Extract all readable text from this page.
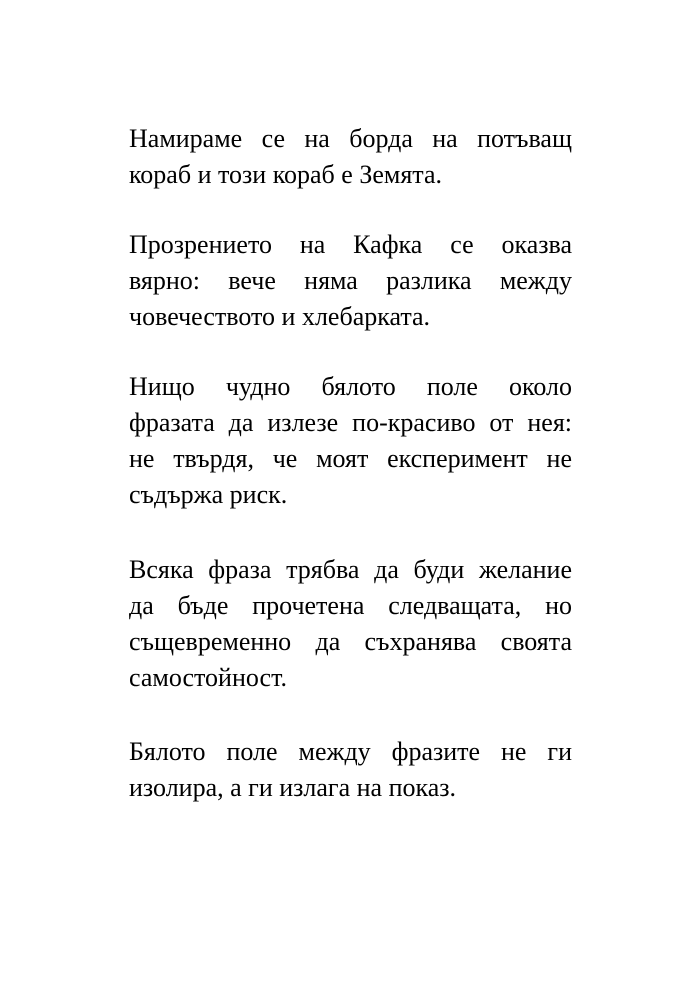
Намираме се на борда на потъващ
кораб и този кораб е Земята.
Прозрението на Кафка се оказва
вярно: вече няма разлика между
човечеството и хлебарката.
Нищо чудно бялото поле около
фразата да излезе по-красиво от нея:
не твърдя, че моят експеримент не
съдържа риск.
Всяка фраза трябва да буди желание
да бъде прочетена следващата, но
същевременно да съхранява своята
самостойност.
Бялото поле между фразите не ги
изолира, а ги излага на показ.
